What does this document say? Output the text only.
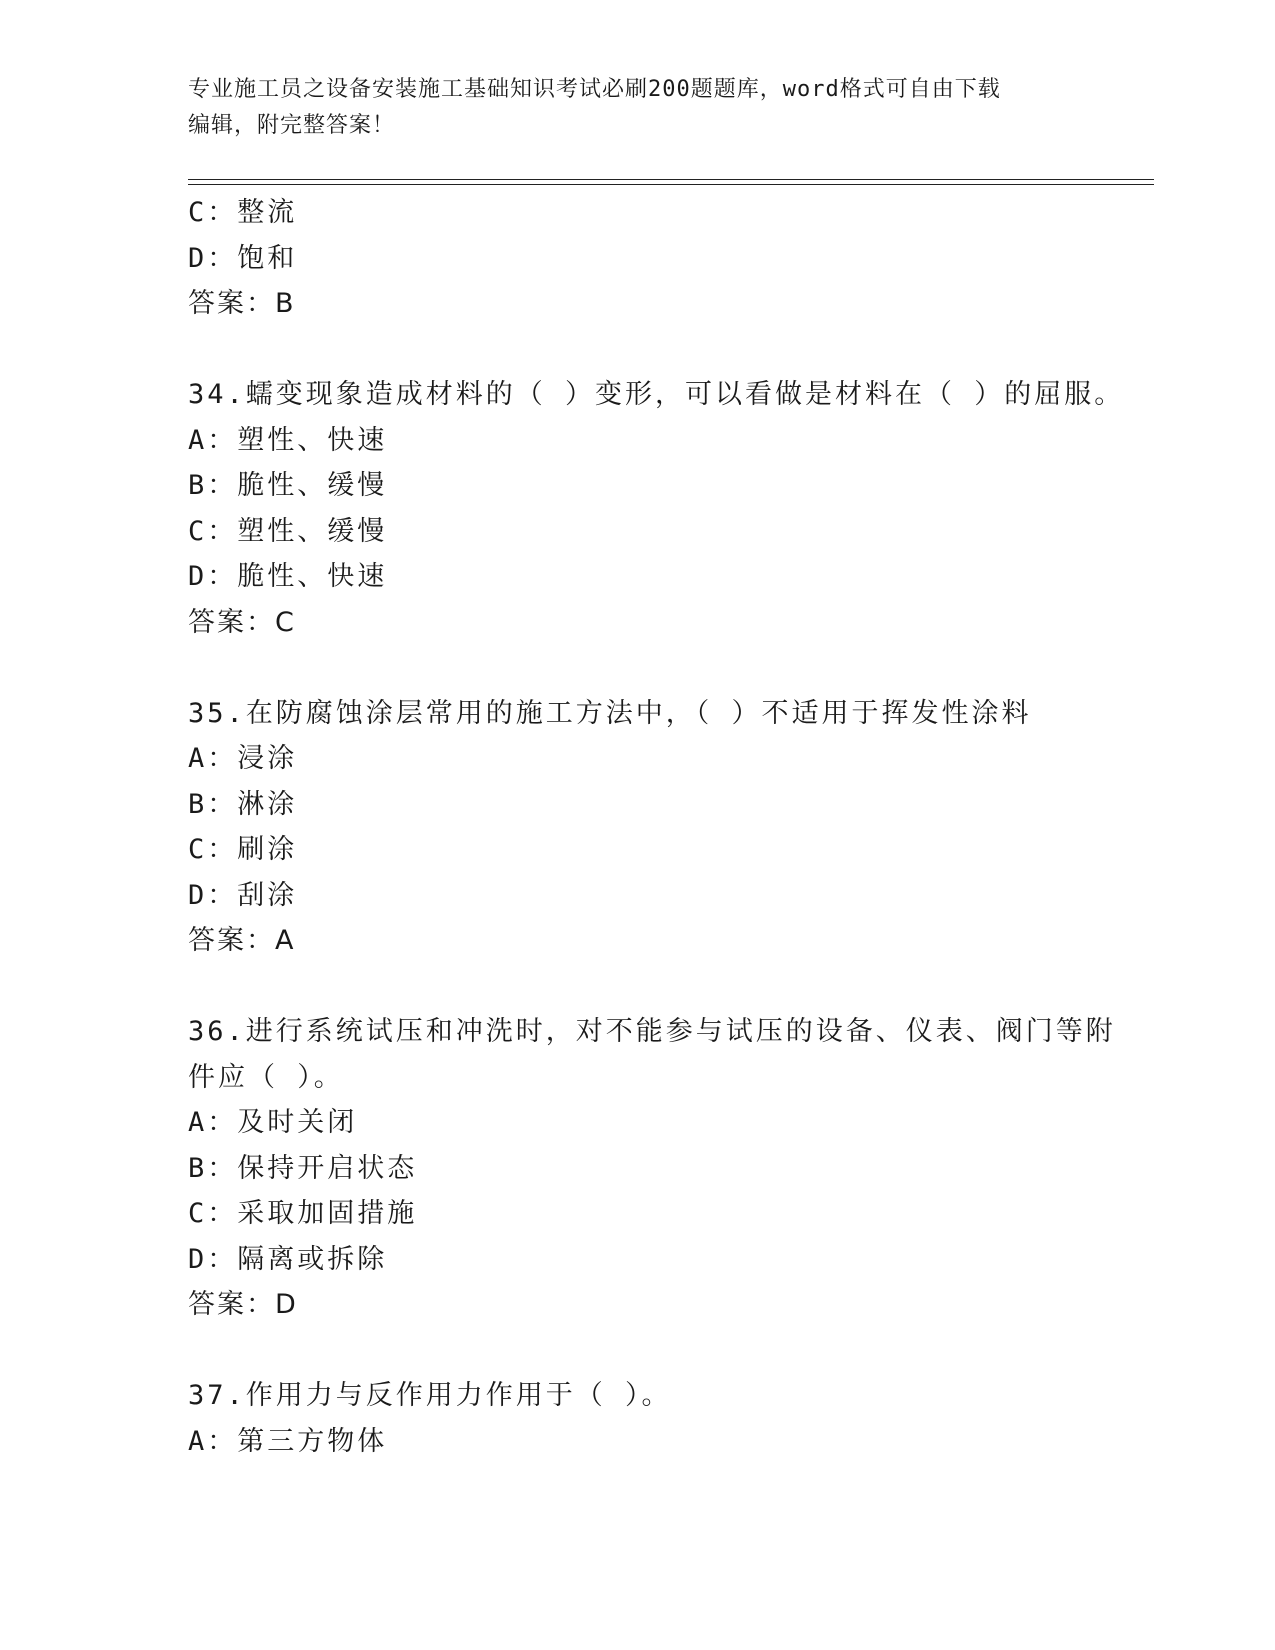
专业施工员之设备安装施工基础知识考试必刷200题题库，word格式可自由下载
编辑，附完整答案！
C：整流
D：饱和
答案：B
34.蠕变现象造成材料的（ ）变形，可以看做是材料在（ ）的屈服。
A：塑性、快速
B：脆性、缓慢
C：塑性、缓慢
D：脆性、快速
答案：C
35.在防腐蚀涂层常用的施工方法中，（ ）不适用于挥发性涂料
A：浸涂
B：淋涂
C：刷涂
D：刮涂
答案：A
36.进行系统试压和冲洗时，对不能参与试压的设备、仪表、阀门等附
件应（ ）。
A：及时关闭
B：保持开启状态
C：采取加固措施
D：隔离或拆除
答案：D
37.作用力与反作用力作用于（ ）。
A：第三方物体
